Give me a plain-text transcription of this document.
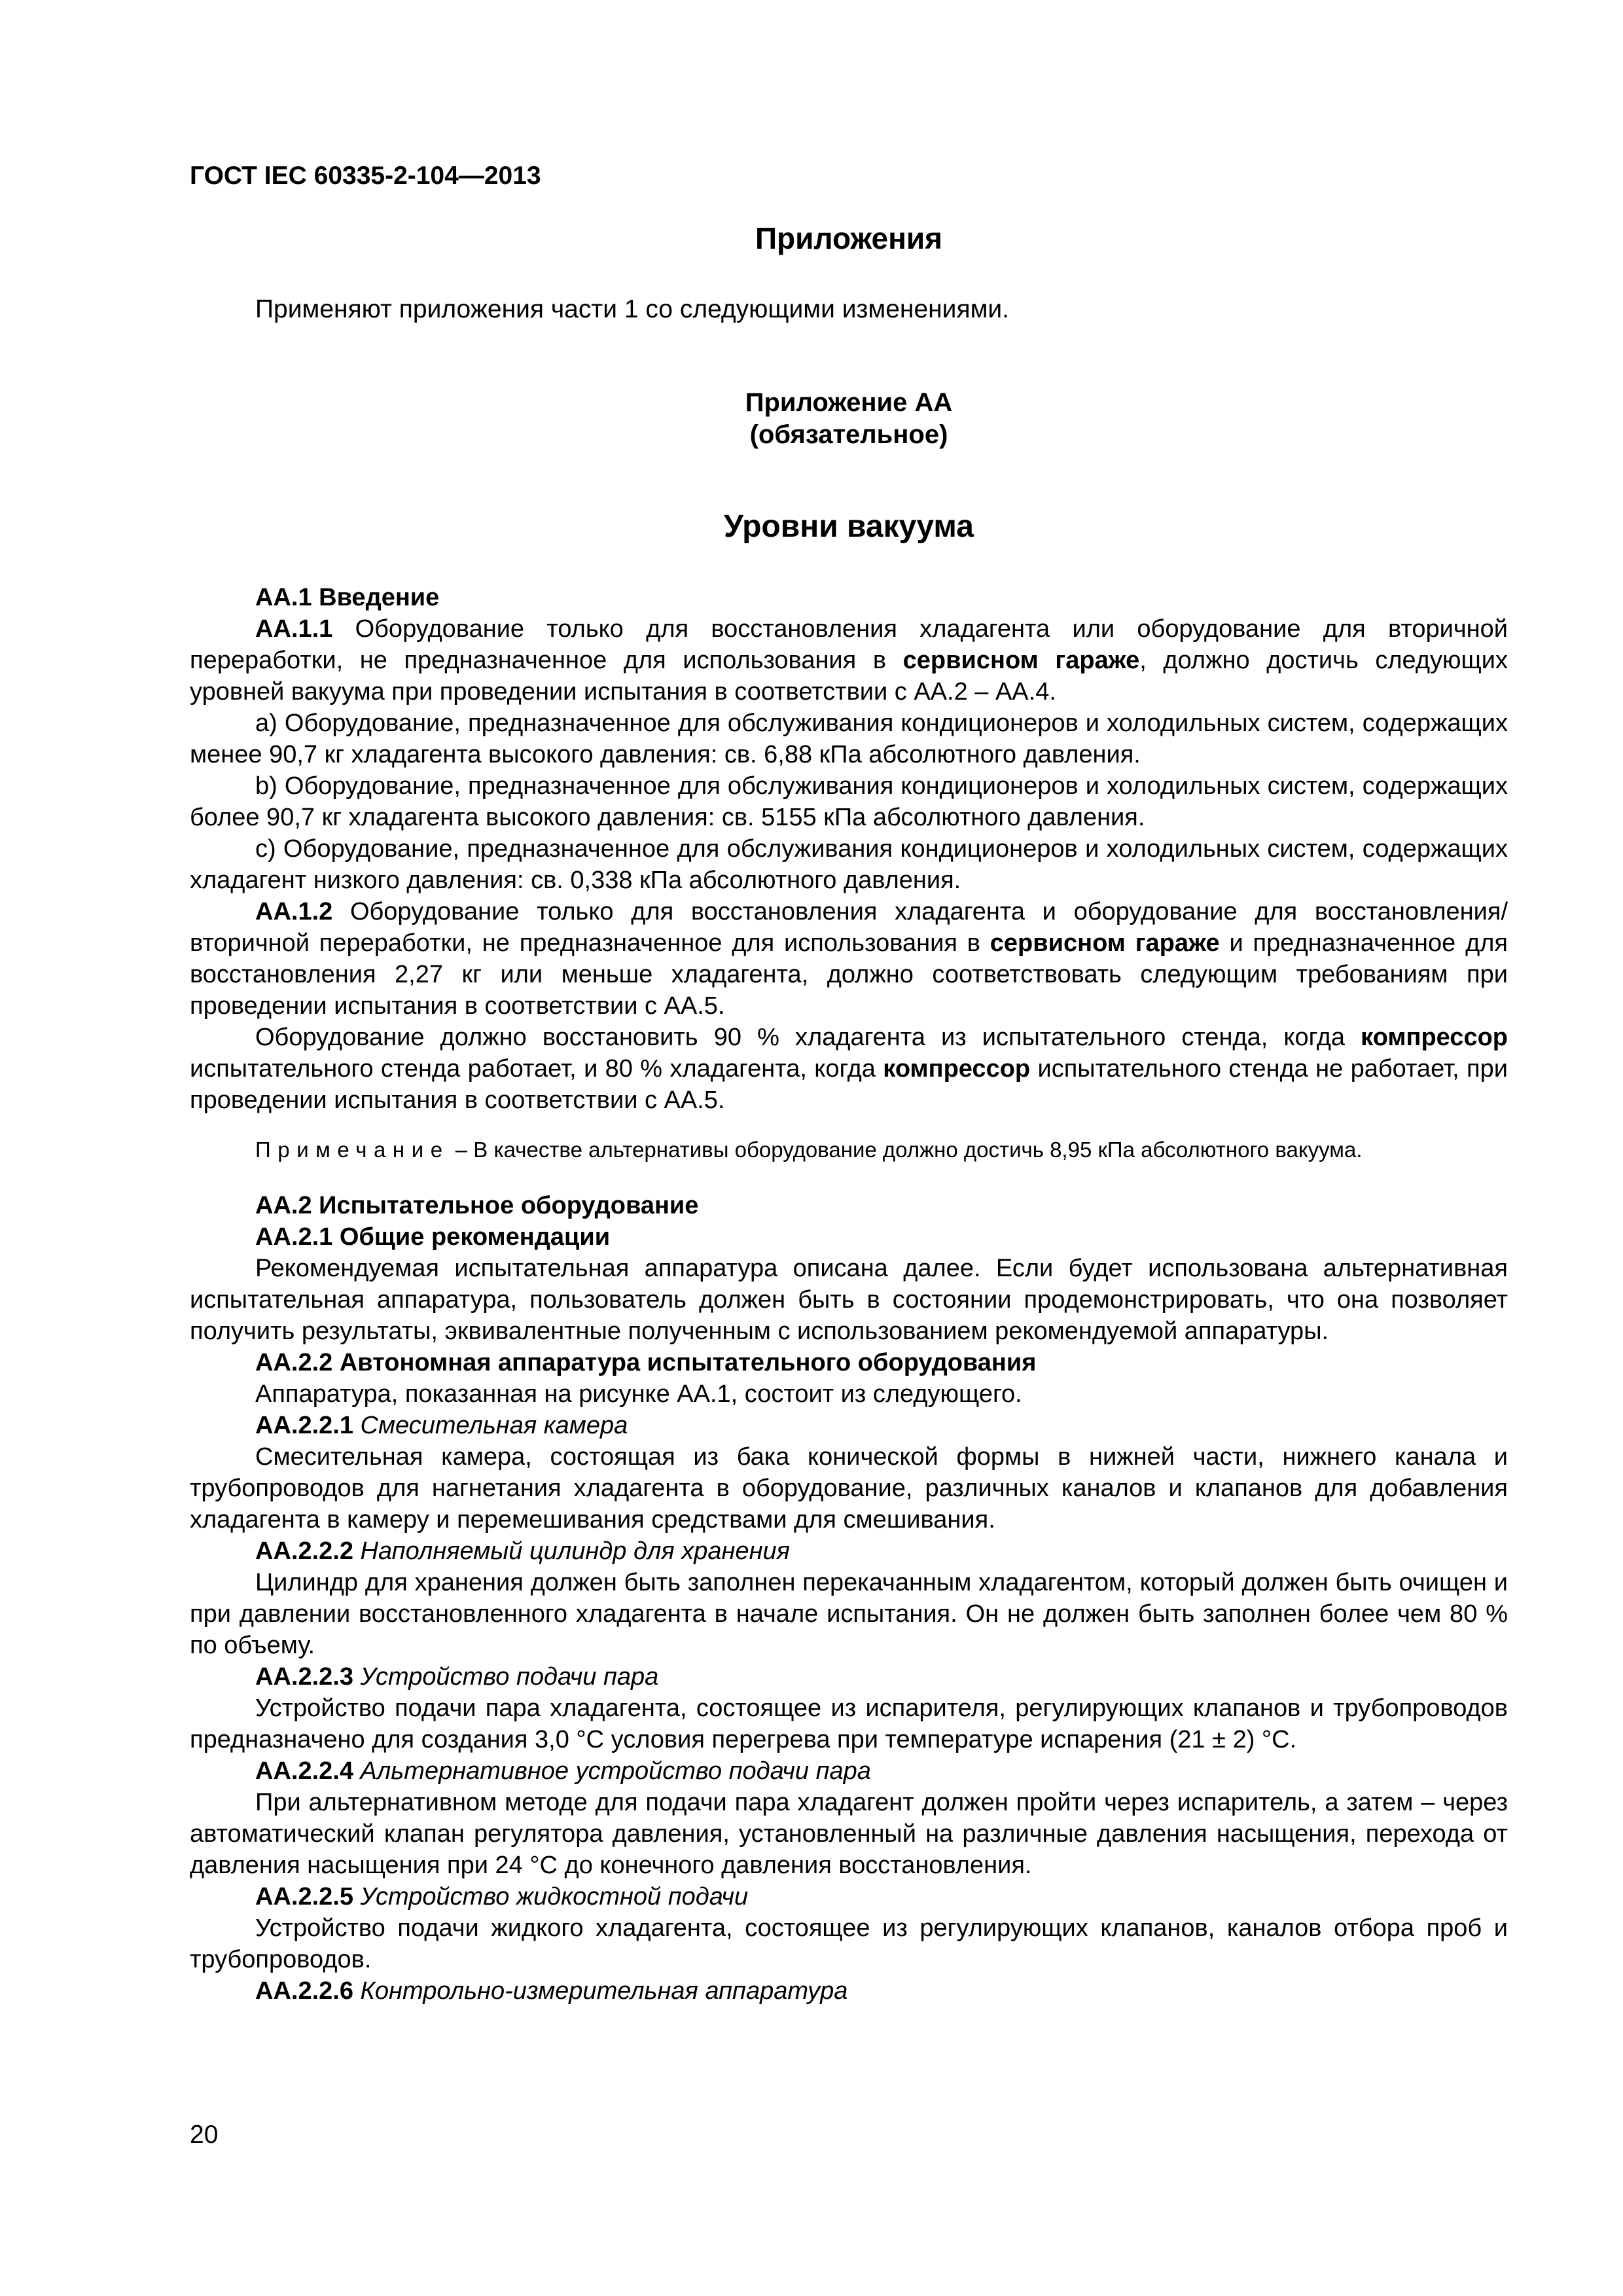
ГОСТ IEC 60335-2-104—2013
Приложения

Применяют приложения части 1 со следующими изменениями.

Приложение АА
(обязательное)
Уровни вакуума

АА.1 Введение

АА.1.1 Оборудование только для восстановления хладагента или оборудование для вторичной переработки, не предназначенное для использования в сервисном гараже, должно достичь следующих уровней вакуума при проведении испытания в соответствии с АА.2 – АА.4.

a) Оборудование, предназначенное для обслуживания кондиционеров и холодильных систем, содержащих менее 90,7 кг хладагента высокого давления: св. 6,88 кПа абсолютного давления.

b) Оборудование, предназначенное для обслуживания кондиционеров и холодильных систем, содержащих более 90,7 кг хладагента высокого давления: св. 5155 кПа абсолютного давления.

c) Оборудование, предназначенное для обслуживания кондиционеров и холодильных систем, содержащих хладагент низкого давления: св. 0,338 кПа абсолютного давления.

АА.1.2 Оборудование только для восстановления хладагента и оборудование для восстановления/вторичной переработки, не предназначенное для использования в сервисном гараже и предназначенное для восстановления 2,27 кг или меньше хладагента, должно соответствовать следующим требованиям при проведении испытания в соответствии с АА.5.

Оборудование должно восстановить 90 % хладагента из испытательного стенда, когда компрессор испытательного стенда работает, и 80 % хладагента, когда компрессор испытательного стенда не работает, при проведении испытания в соответствии с АА.5.

Примечание – В качестве альтернативы оборудование должно достичь 8,95 кПа абсолютного вакуума.

АА.2 Испытательное оборудование

АА.2.1 Общие рекомендации

Рекомендуемая испытательная аппаратура описана далее. Если будет использована альтернативная испытательная аппаратура, пользователь должен быть в состоянии продемонстрировать, что она позволяет получить результаты, эквивалентные полученным с использованием рекомендуемой аппаратуры.

АА.2.2 Автономная аппаратура испытательного оборудования

Аппаратура, показанная на рисунке АА.1, состоит из следующего.

АА.2.2.1 Смесительная камера

Смесительная камера, состоящая из бака конической формы в нижней части, нижнего канала и трубопроводов для нагнетания хладагента в оборудование, различных каналов и клапанов для добавления хладагента в камеру и перемешивания средствами для смешивания.

АА.2.2.2 Наполняемый цилиндр для хранения

Цилиндр для хранения должен быть заполнен перекачанным хладагентом, который должен быть очищен и при давлении восстановленного хладагента в начале испытания. Он не должен быть заполнен более чем 80 % по объему.

АА.2.2.3 Устройство подачи пара

Устройство подачи пара хладагента, состоящее из испарителя, регулирующих клапанов и трубопроводов предназначено для создания 3,0 °С условия перегрева при температуре испарения (21 ± 2) °С.

АА.2.2.4 Альтернативное устройство подачи пара

При альтернативном методе для подачи пара хладагент должен пройти через испаритель, а затем – через автоматический клапан регулятора давления, установленный на различные давления насыщения, перехода от давления насыщения при 24 °С до конечного давления восстановления.

АА.2.2.5 Устройство жидкостной подачи

Устройство подачи жидкого хладагента, состоящее из регулирующих клапанов, каналов отбора проб и трубопроводов.

АА.2.2.6 Контрольно-измерительная аппаратура

20
